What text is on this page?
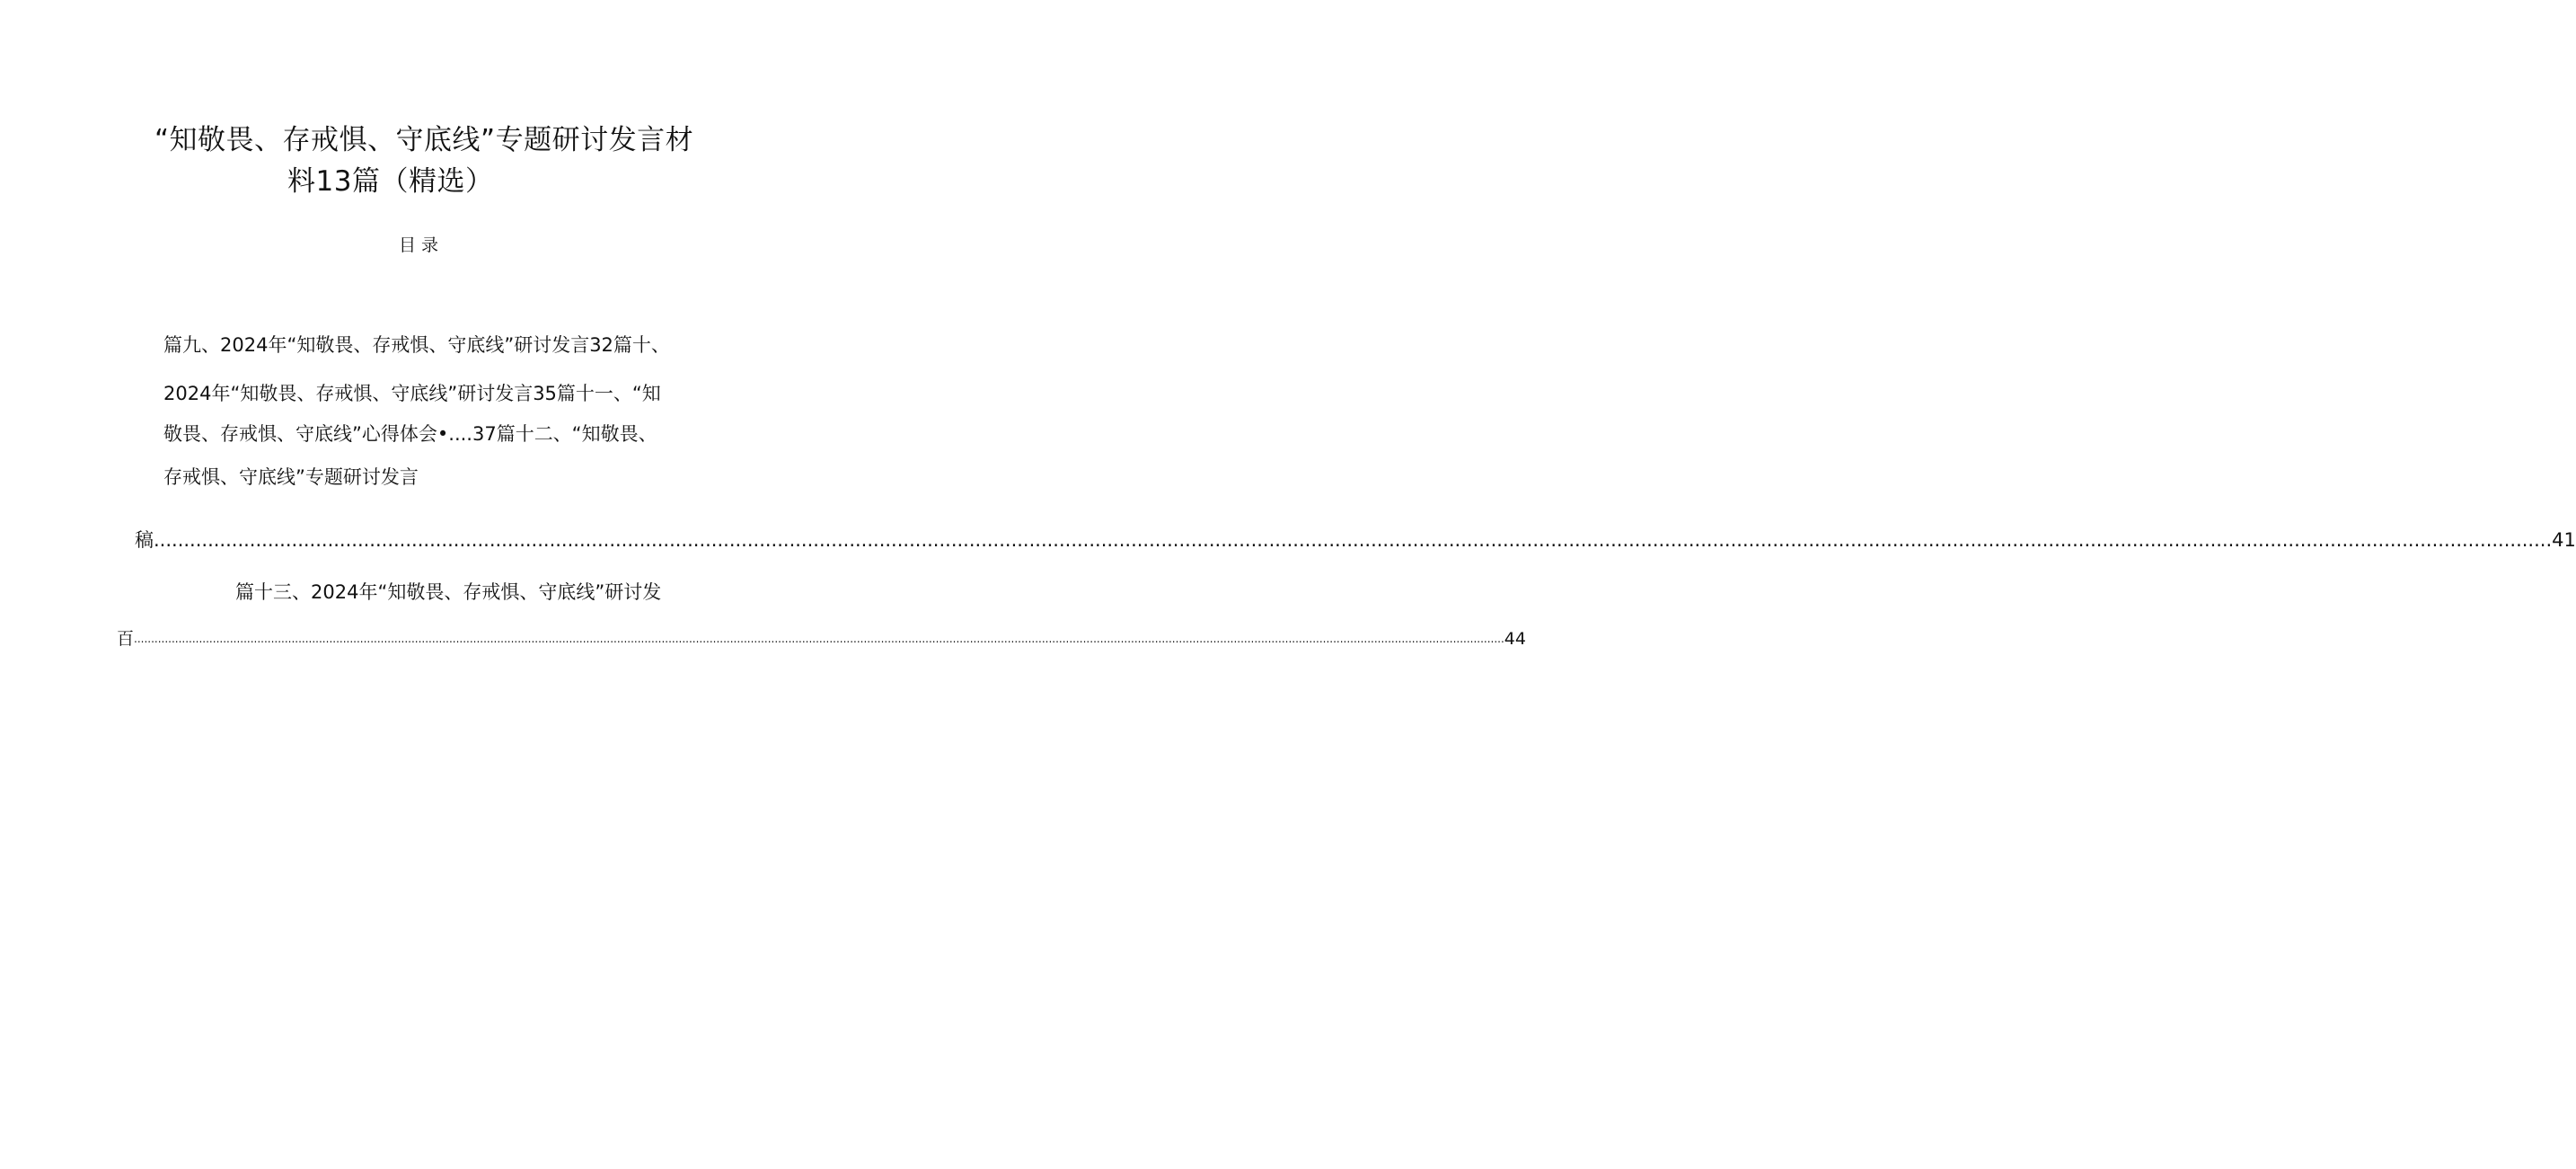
“知敬畏、存戒惧、守底线”专题研讨发言材
料13篇（精选）
目录
篇九、2024年“知敬畏、存戒惧、守底线”研讨发言32篇十、
2024年“知敬畏、存戒惧、守底线”研讨发言35篇十一、“知
敬畏、存戒惧、守底线”心得体会•....37篇十二、“知敬畏、
存戒惧、守底线”专题研讨发言
稿 ................................................................................................................................................................................................................................................................................................................................................................................................................ 41
篇十三、2024年“知敬畏、存戒惧、守底线”研讨发
百 ................................................................................................................................................................................................................................................................................................................................................................................................................ 44
